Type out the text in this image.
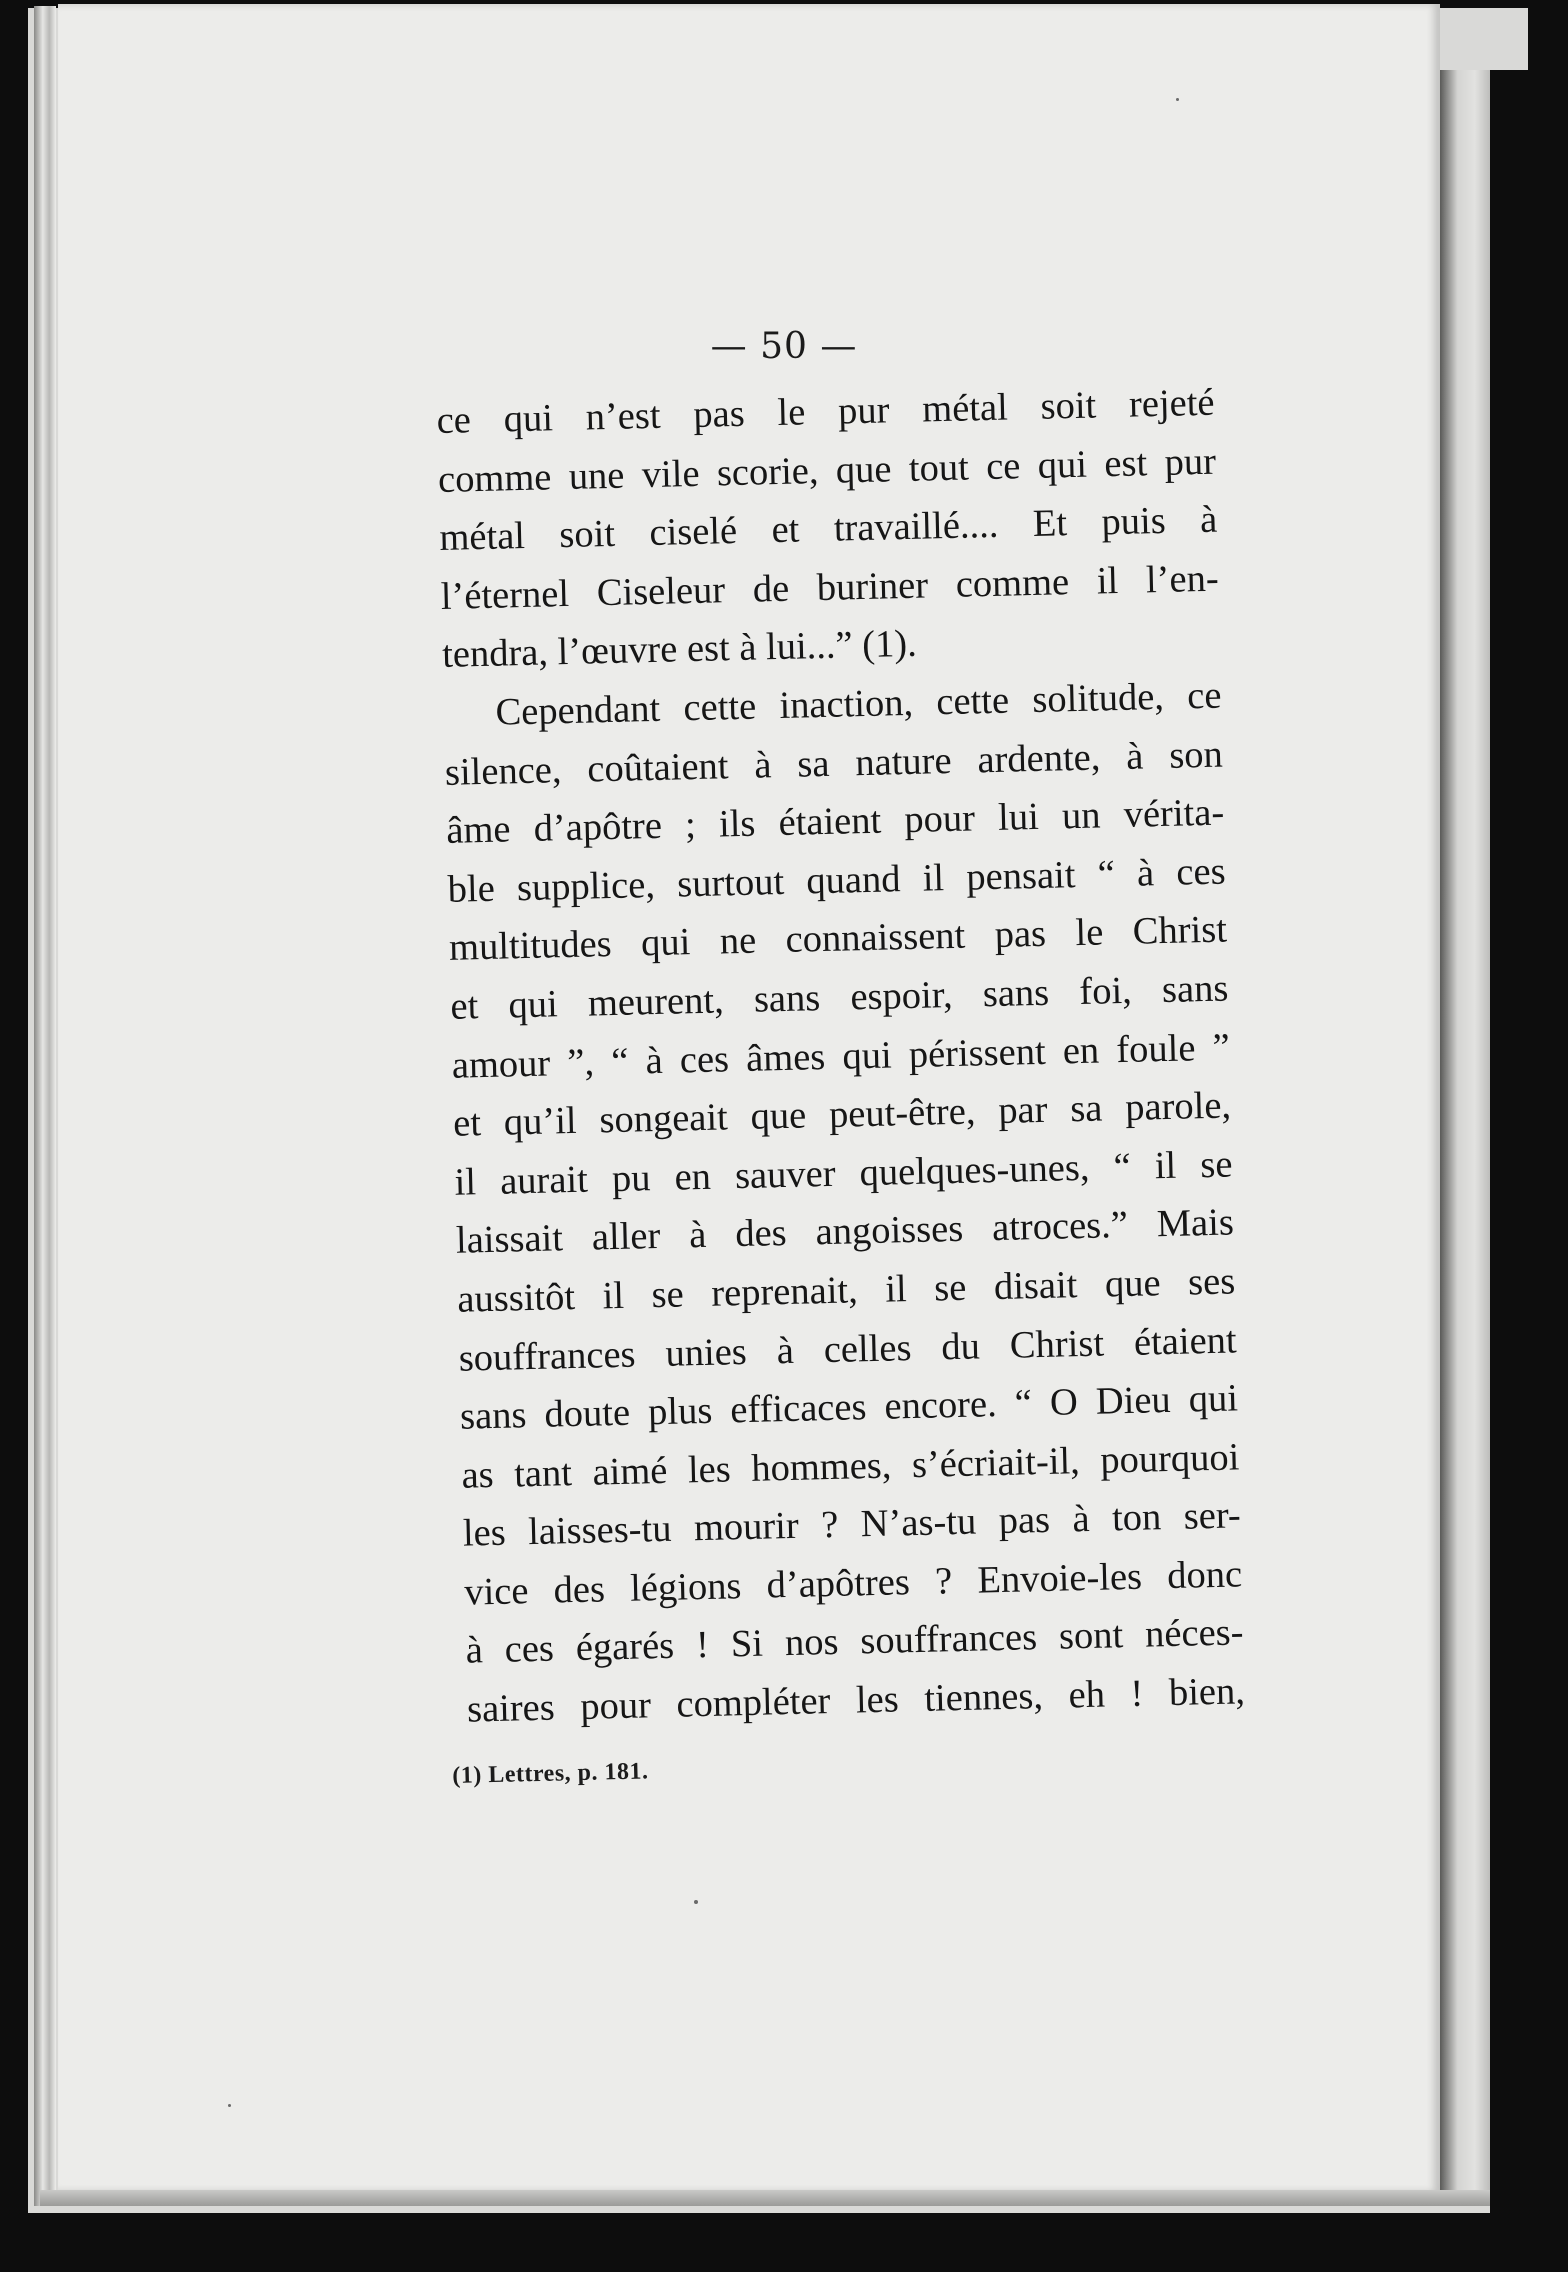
— 50 —
ce qui n’est pas le pur métal soit rejeté
comme une vile scorie, que tout ce qui est pur
métal soit ciselé et travaillé.... Et puis à
l’éternel Ciseleur de buriner comme il l’en-
tendra, l’œuvre est à lui...” (1).
Cependant cette inaction, cette solitude, ce
silence, coûtaient à sa nature ardente, à son
âme d’apôtre ; ils étaient pour lui un vérita-
ble supplice, surtout quand il pensait “ à ces
multitudes qui ne connaissent pas le Christ
et qui meurent, sans espoir, sans foi, sans
amour ”, “ à ces âmes qui périssent en foule ”
et qu’il songeait que peut-être, par sa parole,
il aurait pu en sauver quelques-unes, “ il se
laissait aller à des angoisses atroces.” Mais
aussitôt il se reprenait, il se disait que ses
souffrances unies à celles du Christ étaient
sans doute plus efficaces encore. “ O Dieu qui
as tant aimé les hommes, s’écriait-il, pourquoi
les laisses-tu mourir ? N’as-tu pas à ton ser-
vice des légions d’apôtres ? Envoie-les donc
à ces égarés ! Si nos souffrances sont néces-
saires pour compléter les tiennes, eh ! bien,
(1) Lettres, p. 181.
